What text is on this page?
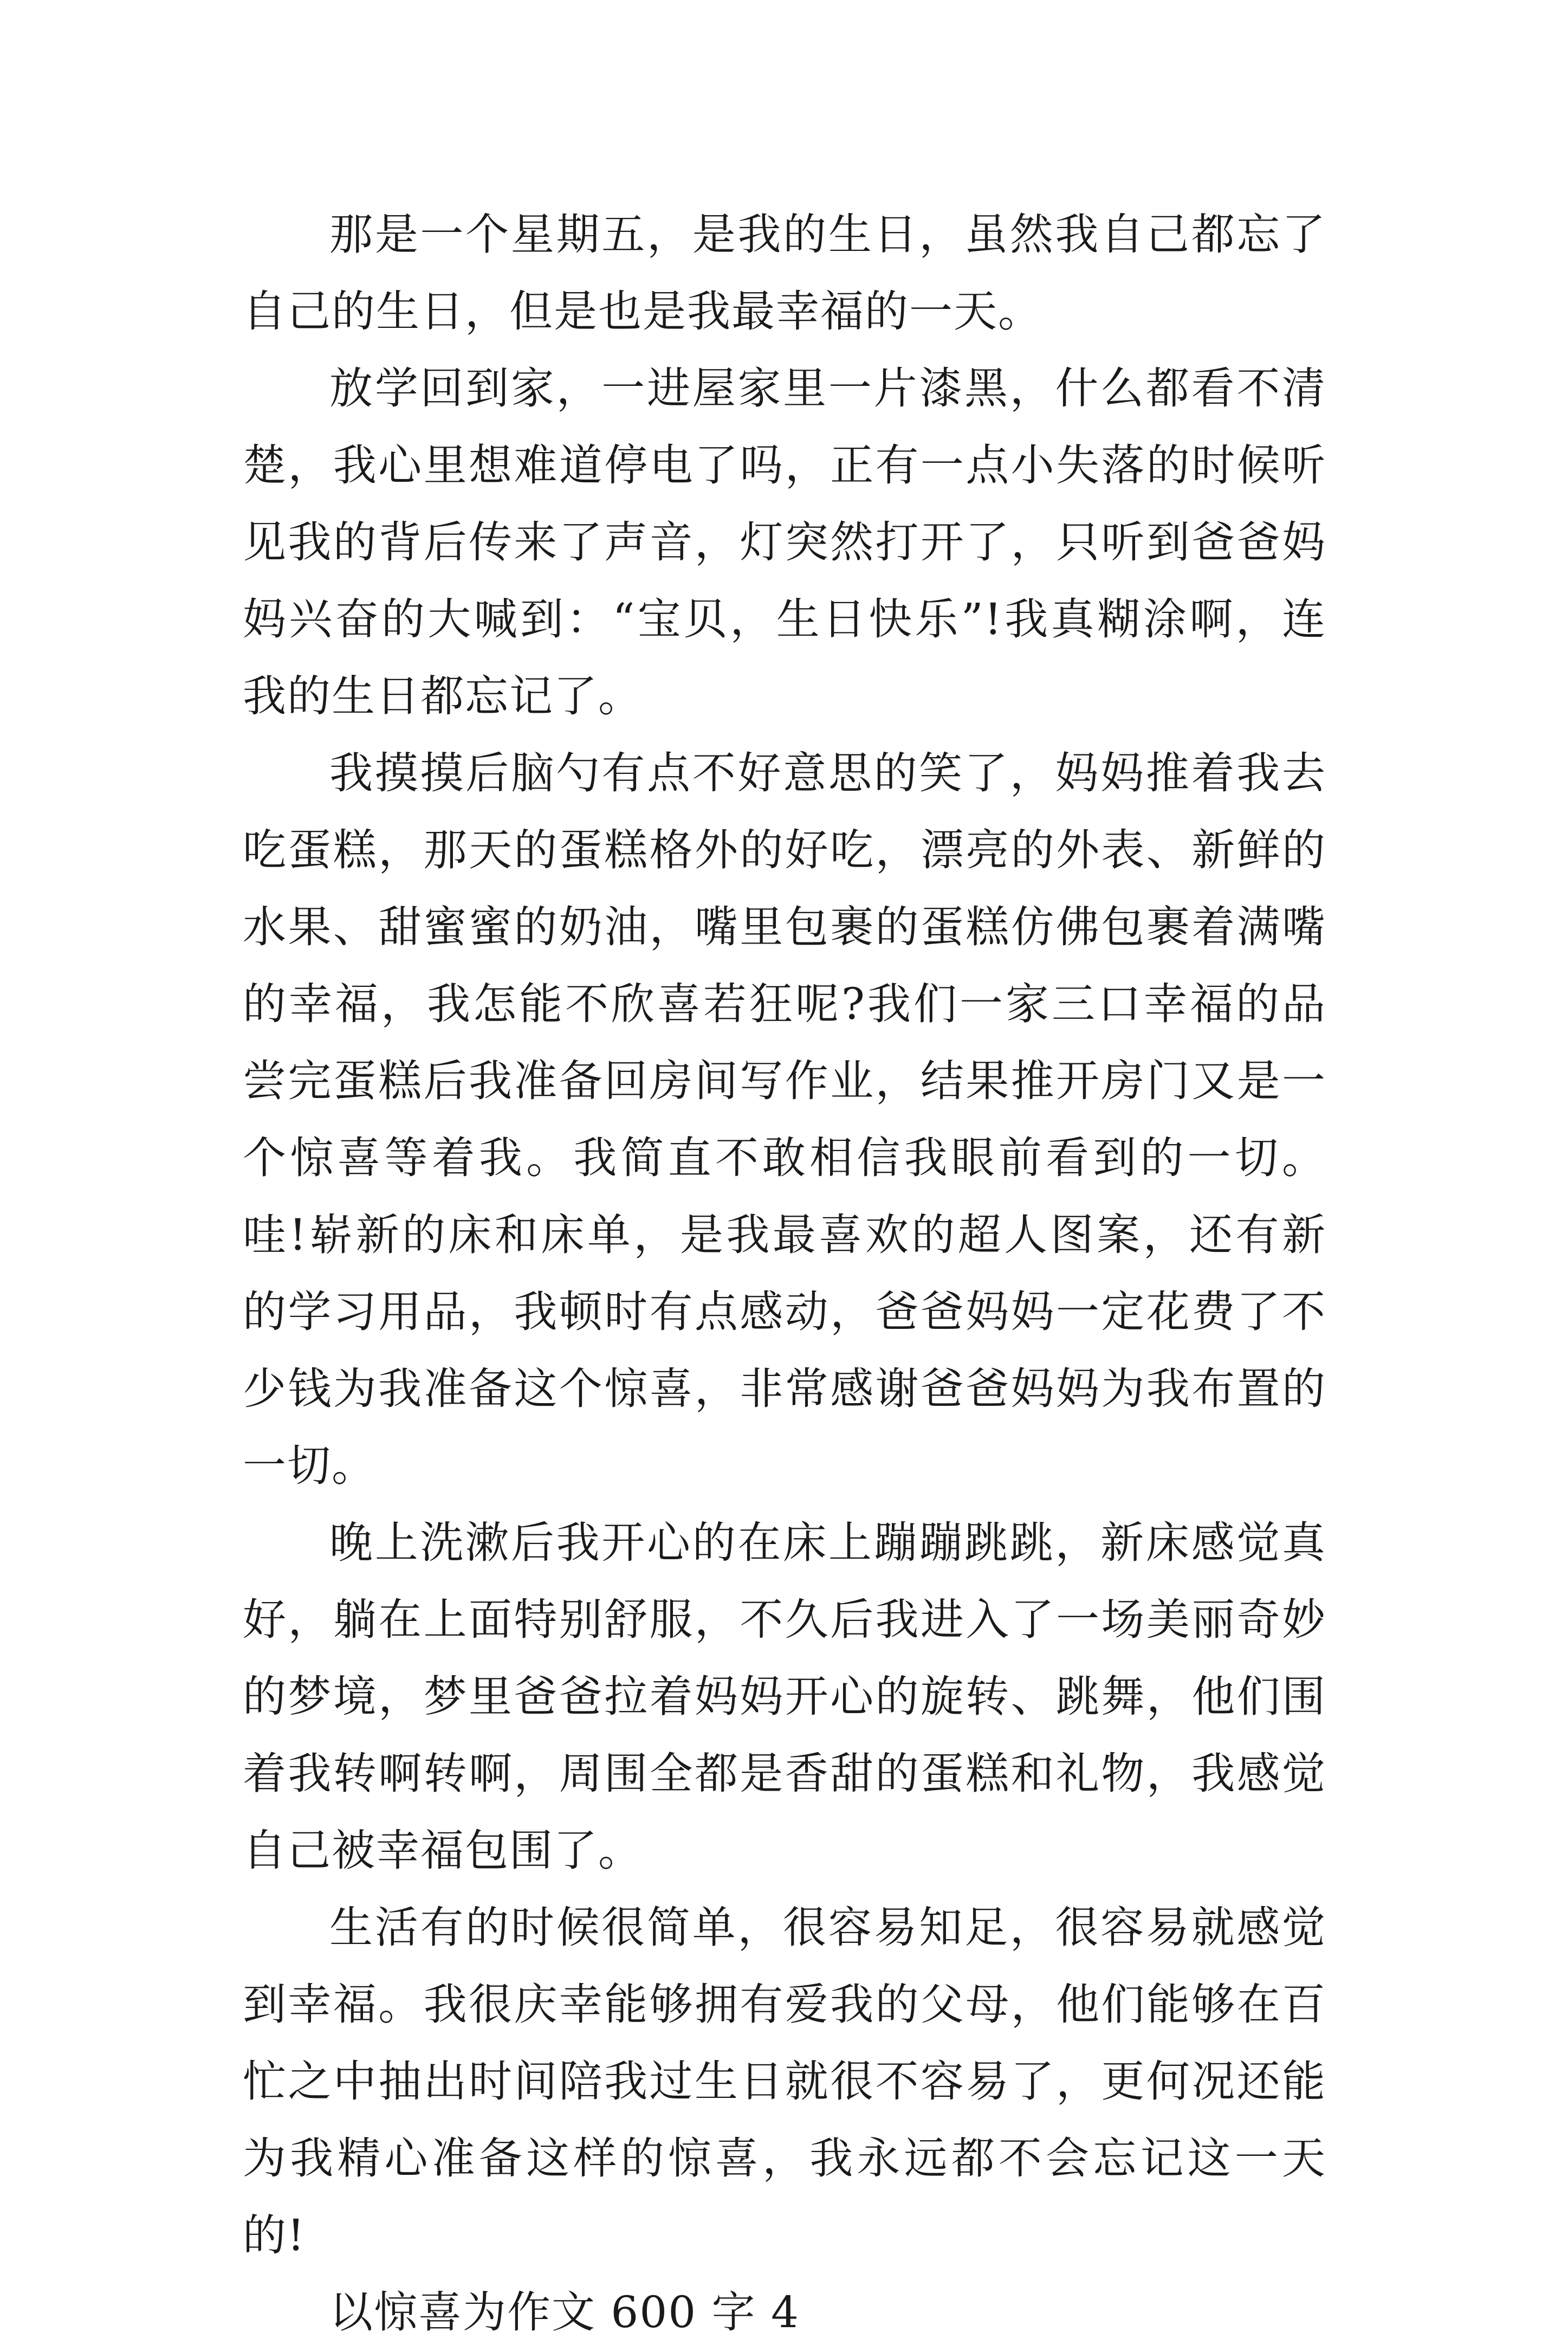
那是一个星期五，是我的生日，虽然我自己都忘了自己的生日，但是也是我最幸福的一天。

放学回到家，一进屋家里一片漆黑，什么都看不清楚，我心里想难道停电了吗，正有一点小失落的时候听见我的背后传来了声音，灯突然打开了，只听到爸爸妈妈兴奋的大喊到：“宝贝，生日快乐”!我真糊涂啊，连我的生日都忘记了。

我摸摸后脑勺有点不好意思的笑了，妈妈推着我去吃蛋糕，那天的蛋糕格外的好吃，漂亮的外表、新鲜的水果、甜蜜蜜的奶油，嘴里包裹的蛋糕仿佛包裹着满嘴的幸福，我怎能不欣喜若狂呢?我们一家三口幸福的品尝完蛋糕后我准备回房间写作业，结果推开房门又是一个惊喜等着我。我简直不敢相信我眼前看到的一切。哇!崭新的床和床单，是我最喜欢的超人图案，还有新的学习用品，我顿时有点感动，爸爸妈妈一定花费了不少钱为我准备这个惊喜，非常感谢爸爸妈妈为我布置的一切。

晚上洗漱后我开心的在床上蹦蹦跳跳，新床感觉真好，躺在上面特别舒服，不久后我进入了一场美丽奇妙的梦境，梦里爸爸拉着妈妈开心的旋转、跳舞，他们围着我转啊转啊，周围全都是香甜的蛋糕和礼物，我感觉自己被幸福包围了。

生活有的时候很简单，很容易知足，很容易就感觉到幸福。我很庆幸能够拥有爱我的父母，他们能够在百忙之中抽出时间陪我过生日就很不容易了，更何况还能为我精心准备这样的惊喜，我永远都不会忘记这一天的!

以惊喜为作文 600 字 4
